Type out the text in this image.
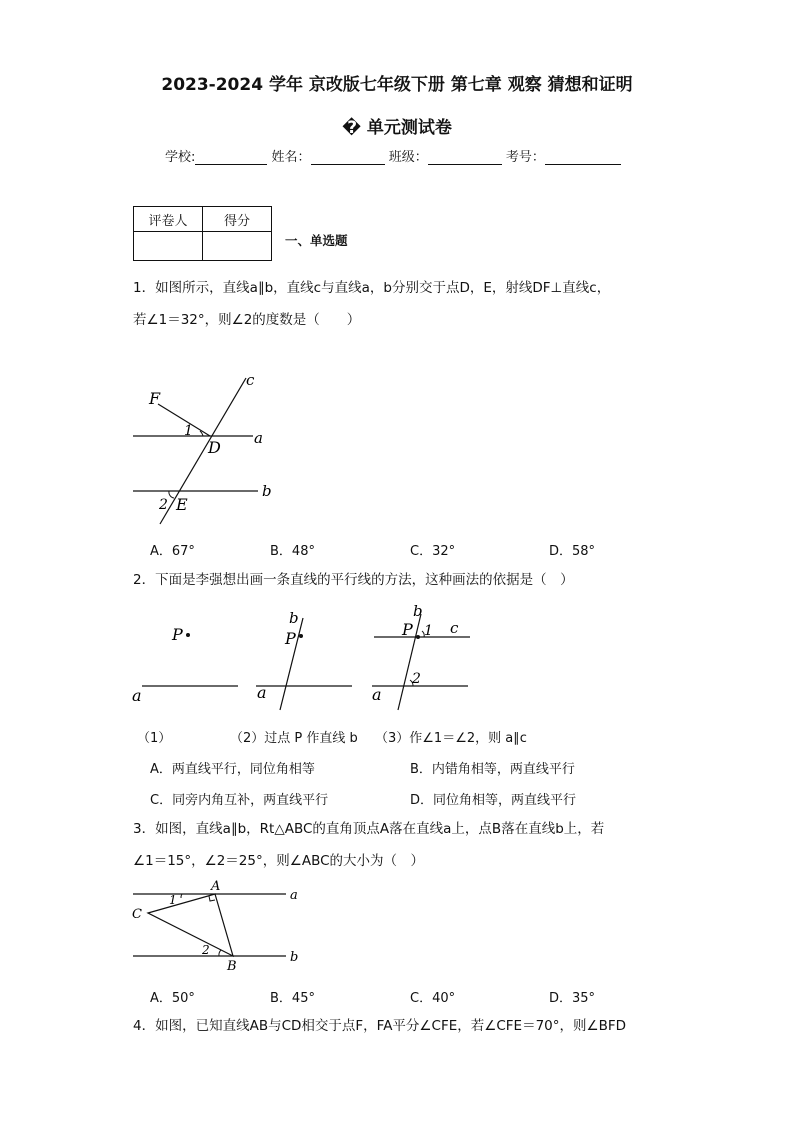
2023-2024 学年 京改版七年级下册 第七章 观察 猜想和证明
� 单元测试卷
学校:	姓名：	班级：	考号：
评卷人	得分

一、单选题
1．如图所示，直线a∥b，直线c与直线a，b分别交于点D，E，射线DF⊥直线c，
若∠1＝32°，则∠2的度数是（　　）
F
c
1
D a
2 E
b
A．67°	B．48°	C．32°	D．58°
2．下面是李强想出画一条直线的平行线的方法，这种画法的依据是（　）
P
a
b
P
a
b
P 1 c
2
a
（1）	（2）过点 P 作直线 b （3）作∠1＝∠2，则 a∥c
A．两直线平行，同位角相等	B．内错角相等，两直线平行
C．同旁内角互补，两直线平行	D．同位角相等，两直线平行
3．如图，直线a∥b，Rt△ABC的直角顶点A落在直线a上，点B落在直线b上，若
∠1＝15°，∠2＝25°，则∠ABC的大小为（　）
A
a
1
C
2
B
b
A．50°	B．45°	C．40°	D．35°
4．如图，已知直线AB与CD相交于点F，FA平分∠CFE，若∠CFE＝70°，则∠BFD
